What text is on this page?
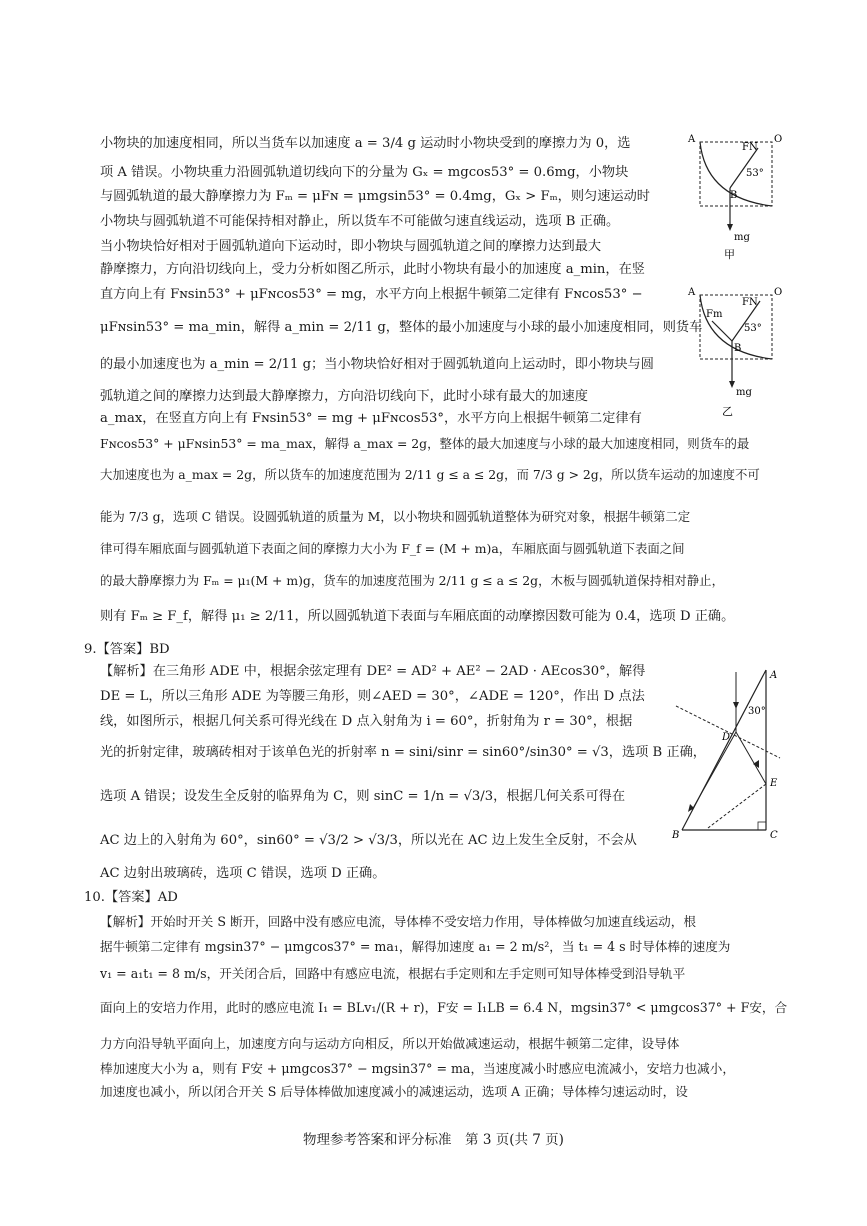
小物块的加速度相同，所以当货车以加速度 a = 3/4 g 运动时小物块受到的摩擦力为 0，选
项 A 错误。小物块重力沿圆弧轨道切线向下的分量为 Gₓ = mgcos53° = 0.6mg，小物块
与圆弧轨道的最大静摩擦力为 Fₘ = μFɴ = μmgsin53° = 0.4mg，Gₓ > Fₘ，则匀速运动时
小物块与圆弧轨道不可能保持相对静止，所以货车不可能做匀速直线运动，选项 B 正确。
当小物块恰好相对于圆弧轨道向下运动时，即小物块与圆弧轨道之间的摩擦力达到最大
静摩擦力，方向沿切线向上，受力分析如图乙所示，此时小物块有最小的加速度 a_min，在竖
直方向上有 Fɴsin53° + μFɴcos53° = mg，水平方向上根据牛顿第二定律有 Fɴcos53° −
μFɴsin53° = ma_min，解得 a_min = 2/11 g，整体的最小加速度与小球的最小加速度相同，则货车
的最小加速度也为 a_min = 2/11 g；当小物块恰好相对于圆弧轨道向上运动时，即小物块与圆
弧轨道之间的摩擦力达到最大静摩擦力，方向沿切线向下，此时小球有最大的加速度
a_max，在竖直方向上有 Fɴsin53° = mg + μFɴcos53°，水平方向上根据牛顿第二定律有
Fɴcos53° + μFɴsin53° = ma_max，解得 a_max = 2g，整体的最大加速度与小球的最大加速度相同，则货车的最
大加速度也为 a_max = 2g，所以货车的加速度范围为 2/11 g ≤ a ≤ 2g，而 7/3 g > 2g，所以货车运动的加速度不可
能为 7/3 g，选项 C 错误。设圆弧轨道的质量为 M，以小物块和圆弧轨道整体为研究对象，根据牛顿第二定
律可得车厢底面与圆弧轨道下表面之间的摩擦力大小为 F_f = (M + m)a，车厢底面与圆弧轨道下表面之间
的最大静摩擦力为 Fₘ = μ₁(M + m)g，货车的加速度范围为 2/11 g ≤ a ≤ 2g，木板与圆弧轨道保持相对静止，
则有 Fₘ ≥ F_f，解得 μ₁ ≥ 2/11，所以圆弧轨道下表面与车厢底面的动摩擦因数可能为 0.4，选项 D 正确。
A	O
FN
B
53°
mg
甲
A	O
FN
Fm
B
53°
mg
乙
9.【答案】BD
【解析】在三角形 ADE 中，根据余弦定理有 DE² = AD² + AE² − 2AD · AEcos30°，解得
DE = L，所以三角形 ADE 为等腰三角形，则∠AED = 30°，∠ADE = 120°，作出 D 点法
线，如图所示，根据几何关系可得光线在 D 点入射角为 i = 60°，折射角为 r = 30°，根据
光的折射定律，玻璃砖相对于该单色光的折射率 n = sini/sinr = sin60°/sin30° = √3，选项 B 正确，
选项 A 错误；设发生全反射的临界角为 C，则 sinC = 1/n = √3/3，根据几何关系可得在
AC 边上的入射角为 60°，sin60° = √3/2 > √3/3，所以光在 AC 边上发生全反射，不会从
AC 边射出玻璃砖，选项 C 错误，选项 D 正确。
A
30°
D
E
B	C
10.【答案】AD
【解析】开始时开关 S 断开，回路中没有感应电流，导体棒不受安培力作用，导体棒做匀加速直线运动，根
据牛顿第二定律有 mgsin37° − μmgcos37° = ma₁，解得加速度 a₁ = 2 m/s²，当 t₁ = 4 s 时导体棒的速度为
v₁ = a₁t₁ = 8 m/s，开关闭合后，回路中有感应电流，根据右手定则和左手定则可知导体棒受到沿导轨平
面向上的安培力作用，此时的感应电流 I₁ = BLv₁/(R + r)，F安 = I₁LB = 6.4 N，mgsin37° < μmgcos37° + F安，合
力方向沿导轨平面向上，加速度方向与运动方向相反，所以开始做减速运动，根据牛顿第二定律，设导体
棒加速度大小为 a，则有 F安 + μmgcos37° − mgsin37° = ma，当速度减小时感应电流减小，安培力也减小，
加速度也减小，所以闭合开关 S 后导体棒做加速度减小的减速运动，选项 A 正确；导体棒匀速运动时，设
物理参考答案和评分标准　第 3 页(共 7 页)
